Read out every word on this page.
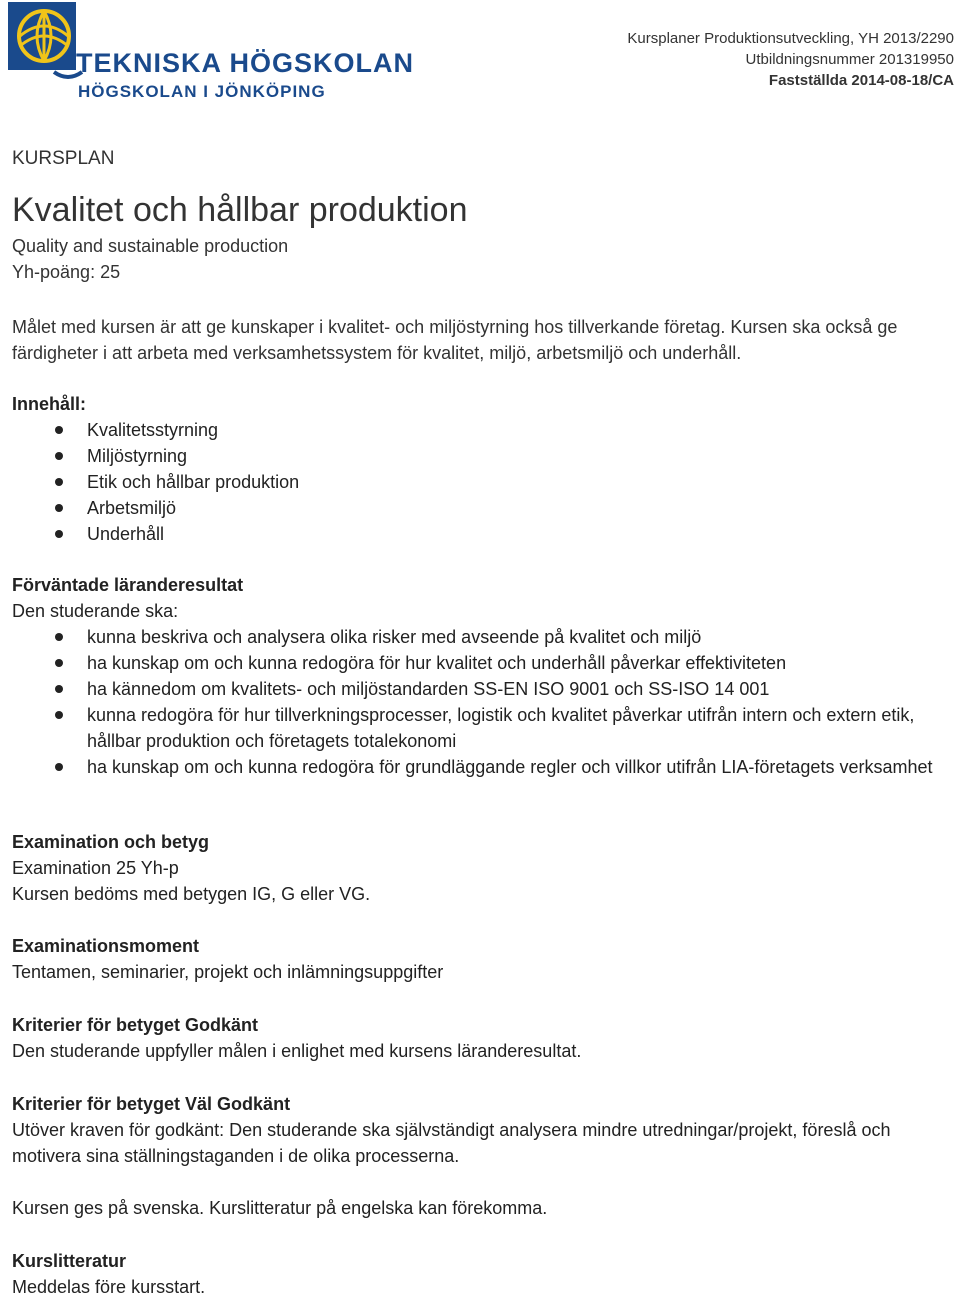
TEKNISKA HÖGSKOLAN
HÖGSKOLAN I JÖNKÖPING
Kursplaner Produktionsutveckling, YH 2013/2290
Utbildningsnummer 201319950
Fastställda 2014-08-18/CA
KURSPLAN
Kvalitet och hållbar produktion
Quality and sustainable production
Yh-poäng: 25

Målet med kursen är att ge kunskaper i kvalitet- och miljöstyrning hos tillverkande företag. Kursen ska också ge färdigheter i att arbeta med verksamhetssystem för kvalitet, miljö, arbetsmiljö och underhåll.

Innehåll:

Kvalitetsstyrning
Miljöstyrning
Etik och hållbar produktion
Arbetsmiljö
Underhåll

Förväntade läranderesultat

Den studerande ska:

kunna beskriva och analysera olika risker med avseende på kvalitet och miljö
ha kunskap om och kunna redogöra för hur kvalitet och underhåll påverkar effektiviteten
ha kännedom om kvalitets- och miljöstandarden SS-EN ISO 9001 och SS-ISO 14 001
kunna redogöra för hur tillverkningsprocesser, logistik och kvalitet påverkar utifrån intern och extern etik, hållbar produktion och företagets totalekonomi
ha kunskap om och kunna redogöra för grundläggande regler och villkor utifrån LIA-företagets verksamhet

Examination och betyg

Examination 25 Yh-p

Kursen bedöms med betygen IG, G eller VG.

Examinationsmoment

Tentamen, seminarier, projekt och inlämningsuppgifter

Kriterier för betyget Godkänt

Den studerande uppfyller målen i enlighet med kursens läranderesultat.

Kriterier för betyget Väl Godkänt

Utöver kraven för godkänt: Den studerande ska självständigt analysera mindre utredningar/projekt, föreslå och motivera sina ställningstaganden i de olika processerna.

Kursen ges på svenska. Kurslitteratur på engelska kan förekomma.

Kurslitteratur

Meddelas före kursstart.
